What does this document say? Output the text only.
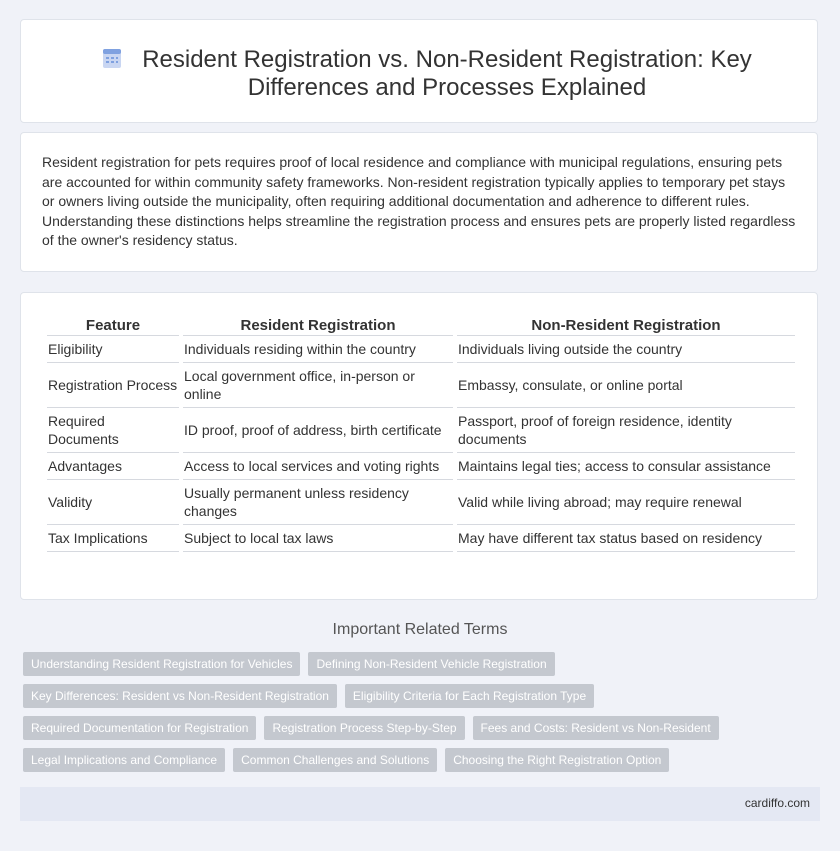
Resident Registration vs. Non-Resident Registration: Key Differences and Processes Explained

Resident registration for pets requires proof of local residence and compliance with municipal regulations, ensuring pets are accounted for within community safety frameworks. Non-resident registration typically applies to temporary pet stays or owners living outside the municipality, often requiring additional documentation and adherence to different rules. Understanding these distinctions helps streamline the registration process and ensures pets are properly listed regardless of the owner's residency status.

Feature	Resident Registration	Non-Resident Registration
Eligibility	Individuals residing within the country	Individuals living outside the country
Registration Process	Local government office, in-person or online	Embassy, consulate, or online portal
Required Documents	ID proof, proof of address, birth certificate	Passport, proof of foreign residence, identity documents
Advantages	Access to local services and voting rights	Maintains legal ties; access to consular assistance
Validity	Usually permanent unless residency changes	Valid while living abroad; may require renewal
Tax Implications	Subject to local tax laws	May have different tax status based on residency
Important Related Terms
Understanding Resident Registration for Vehicles	Defining Non-Resident Vehicle Registration
Key Differences: Resident vs Non-Resident Registration	Eligibility Criteria for Each Registration Type
Required Documentation for Registration	Registration Process Step-by-Step	Fees and Costs: Resident vs Non-Resident
Legal Implications and Compliance	Common Challenges and Solutions	Choosing the Right Registration Option
cardiffo.com
